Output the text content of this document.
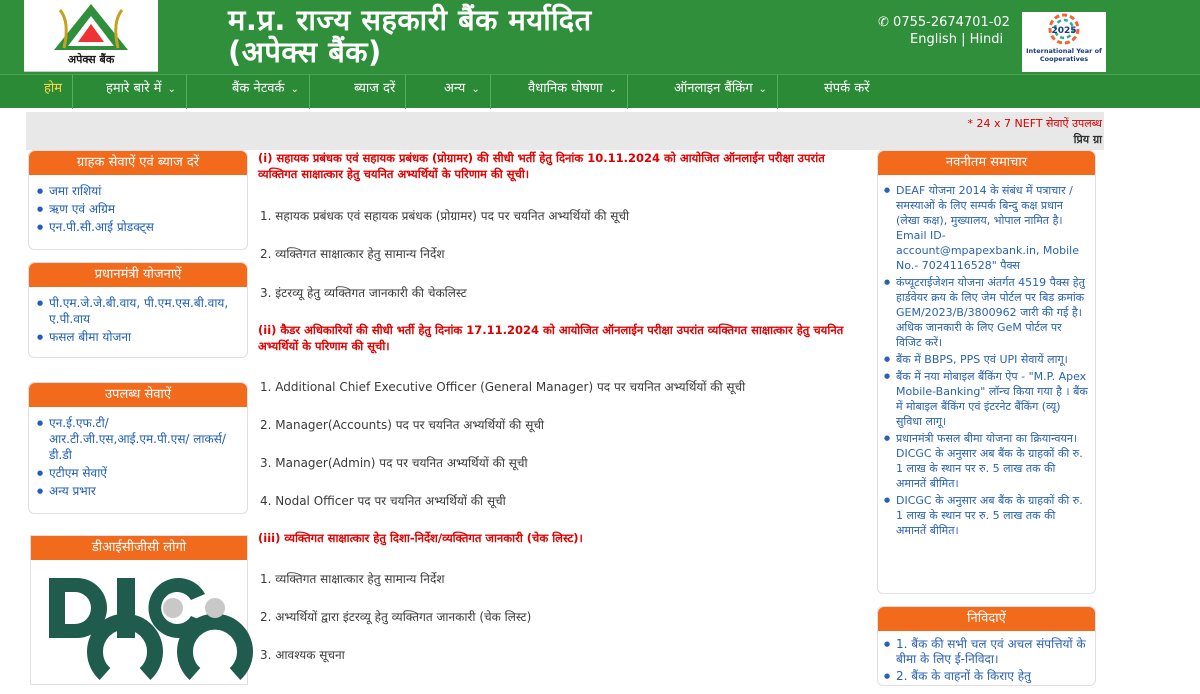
अपेक्स बैंक
म.प्र. राज्य सहकारी बैंक मर्यादित
(अपेक्स बैंक)
✆ 0755-2674701-02
English | Hindi
2025
International Year of Cooperatives
होम	हमारे बारे में ⌄	बैंक नेटवर्क ⌄	ब्याज दरें	अन्य ⌄	वैधानिक घोषणा ⌄	ऑनलाइन बैंकिंग ⌄	संपर्क करें
* 24 x 7 NEFT सेवाऐं उपलब्ध
प्रिय ग्रा
ग्राहक सेवाऐं एवं ब्याज दरें
● जमा राशियां
● ऋण एवं अग्रिम
● एन.पी.सी.आई प्रोडक्ट्स
प्रधानमंत्री योजनाऐं
● पी.एम.जे.जे.बी.वाय, पी.एम.एस.बी.वाय, ए.पी.वाय
● फसल बीमा योजना
उपलब्ध सेवाऐं
● एन.ई.एफ.टी/ आर.टी.जी.एस,आई.एम.पी.एस/ लाकर्स/डी.डी
● एटीएम सेवाऐं
● अन्य प्रभार
डीआईसीजीसी लोगो
DICGC
(i) सहायक प्रबंधक एवं सहायक प्रबंधक (प्रोग्रामर) की सीधी भर्ती हेतु दिनांक 10.11.2024 को आयोजित ऑनलाईन परीक्षा उपरांत व्यक्तिगत साक्षात्कार हेतु चयनित अभ्यर्थियों के परिणाम की सूची।
1. सहायक प्रबंधक एवं सहायक प्रबंधक (प्रोग्रामर) पद पर चयनित अभ्यर्थियों की सूची
2. व्यक्तिगत साक्षात्कार हेतु सामान्य निर्देश
3. इंटरव्यू हेतु व्यक्तिगत जानकारी की चेकलिस्ट
(ii) कैडर अधिकारियों की सीधी भर्ती हेतु दिनांक 17.11.2024 को आयोजित ऑनलाईन परीक्षा उपरांत व्यक्तिगत साक्षात्कार हेतु चयनित अभ्यर्थियों के परिणाम की सूची।
1. Additional Chief Executive Officer (General Manager) पद पर चयनित अभ्यर्थियों की सूची
2. Manager(Accounts) पद पर चयनित अभ्यर्थियों की सूची
3. Manager(Admin) पद पर चयनित अभ्यर्थियों की सूची
4. Nodal Officer पद पर चयनित अभ्यर्थियों की सूची
(iii) व्यक्तिगत साक्षात्कार हेतु दिशा-निर्देश/व्यक्तिगत जानकारी (चेक लिस्ट)।
1. व्यक्तिगत साक्षात्कार हेतु सामान्य निर्देश
2. अभ्यर्थियों द्वारा इंटरव्यू हेतु व्यक्तिगत जानकारी (चेक लिस्ट)
3. आवश्यक सूचना
नवनीतम समाचार
● DEAF योजना 2014 के संबंध में पत्राचार / समस्याओं के लिए सम्पर्क बिन्दु कक्ष प्रधान (लेखा कक्ष), मुख्यालय, भोपाल नामित है। Email ID- account@mpapexbank.in, Mobile No.- 7024116528" पैक्स
● कंप्यूटराईजेशन योजना अंतर्गत 4519 पैक्स हेतु हार्डवेयर क्रय के लिए जेम पोर्टल पर बिड क्रमांक GEM/2023/B/3800962 जारी की गई है। अधिक जानकारी के लिए GeM पोर्टल पर विजिट करें।
● बैंक में BBPS, PPS एवं UPI सेवायें लागू।
● बैंक में नया मोबाइल बैंकिंग ऐप - "M.P. Apex Mobile-Banking" लॉन्च किया गया है । बैंक में मोबाइल बैंकिंग एवं इंटरनेट बैंकिंग (व्यू) सुविधा लागू।
● प्रधानमंत्री फसल बीमा योजना का क्रियान्वयन। DICGC के अनुसार अब बैंक के ग्राहकों की रु. 1 लाख के स्थान पर रु. 5 लाख तक की अमानतें बीमित।
● DICGC के अनुसार अब बैंक के ग्राहकों की रु. 1 लाख के स्थान पर रु. 5 लाख तक की अमानतें बीमित।
निविदाऐं
● 1. बैंक की सभी चल एवं अचल संपत्तियों के बीमा के लिए ई-निविदा।
● 2. बैंक के वाहनों के किराए हेतु
